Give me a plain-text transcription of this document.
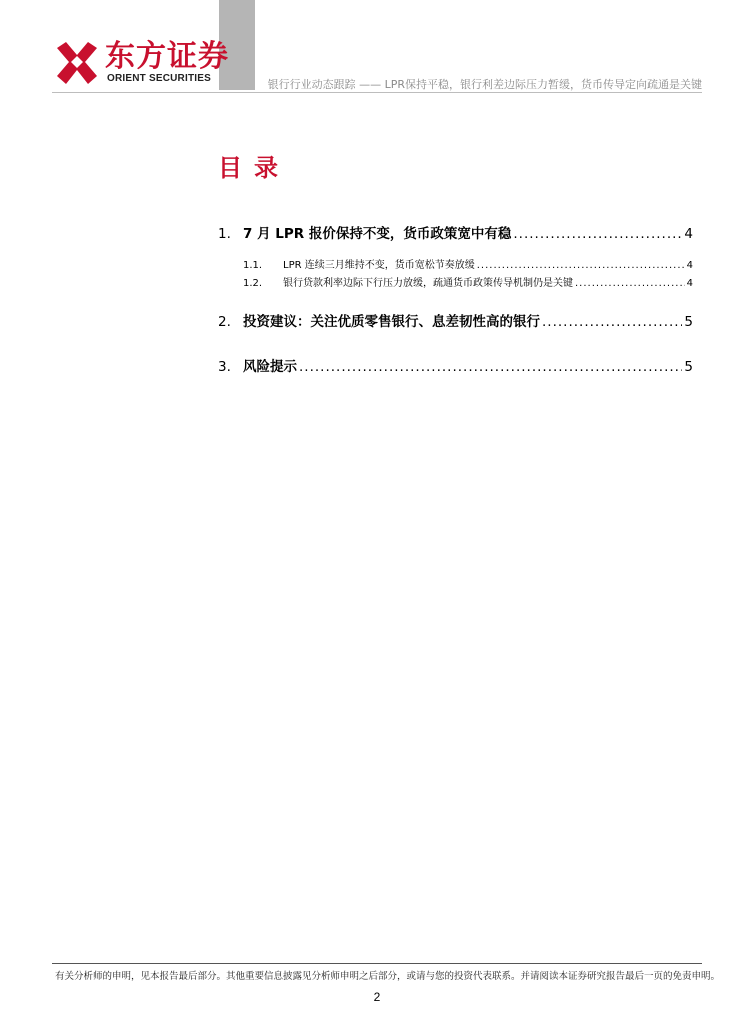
东方证券
ORIENT SECURITIES	银行行业动态跟踪 —— LPR保持平稳，银行利差边际压力暂缓，货币传导定向疏通是关键
目录
1. 7 月 LPR 报价保持不变，货币政策宽中有稳 .....	4
1.1.	LPR 连续三月维持不变，货币宽松节奏放缓 .....	4
1.2.	银行贷款利率边际下行压力放缓，疏通货币政策传导机制仍是关键 .....	4
2. 投资建议：关注优质零售银行、息差韧性高的银行 .....	5
3. 风险提示 .....	5
有关分析师的申明，见本报告最后部分。其他重要信息披露见分析师申明之后部分，或请与您的投资代表联系。并请阅读本证券研究报告最后一页的免责申明。
2
